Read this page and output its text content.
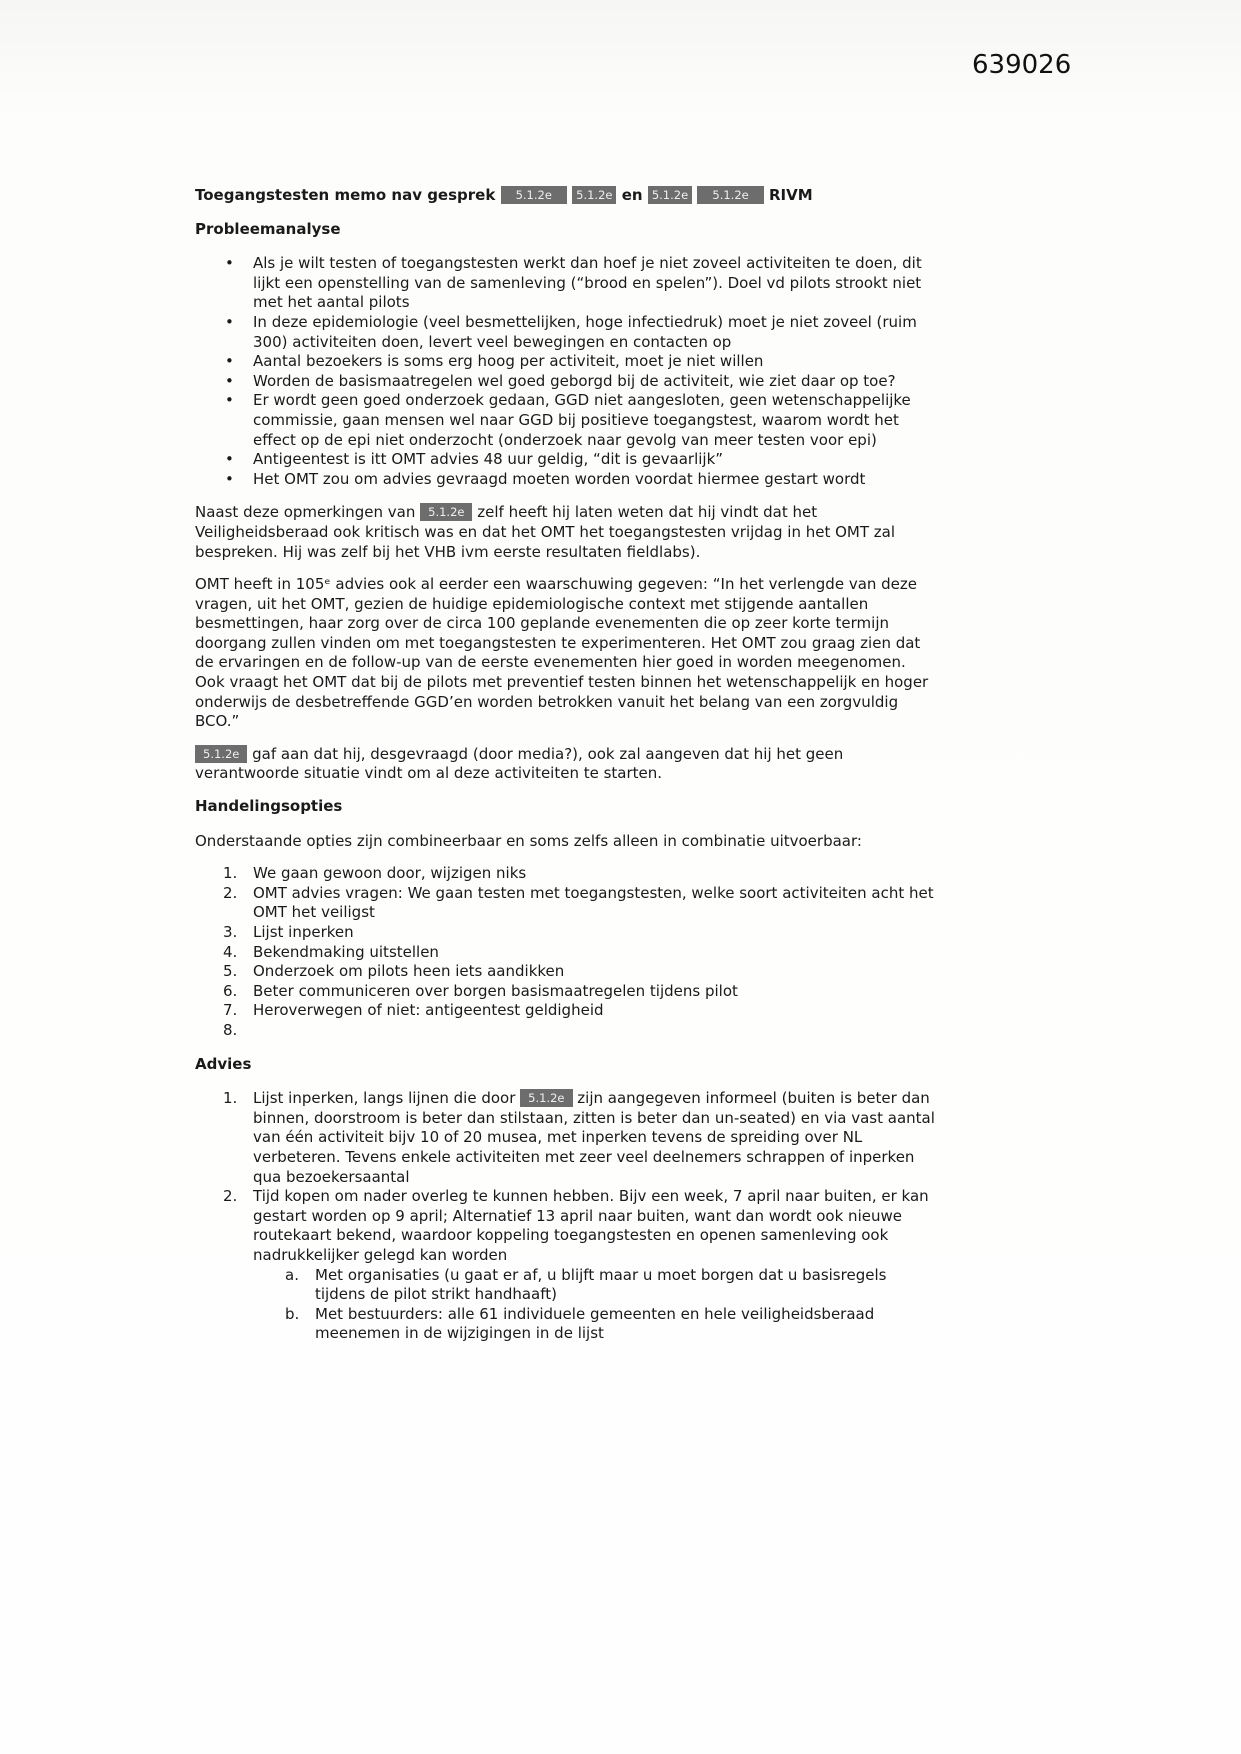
639026

Toegangstesten memo nav gesprek 5.1.2e 5.1.2e en 5.1.2e 5.1.2e RIVM

Probleemanalyse
• Als je wilt testen of toegangstesten werkt dan hoef je niet zoveel activiteiten te doen, dit lijkt een openstelling van de samenleving (“brood en spelen”). Doel vd pilots strookt niet met het aantal pilots
• In deze epidemiologie (veel besmettelijken, hoge infectiedruk) moet je niet zoveel (ruim 300) activiteiten doen, levert veel bewegingen en contacten op
• Aantal bezoekers is soms erg hoog per activiteit, moet je niet willen
• Worden de basismaatregelen wel goed geborgd bij de activiteit, wie ziet daar op toe?
• Er wordt geen goed onderzoek gedaan, GGD niet aangesloten, geen wetenschappelijke commissie, gaan mensen wel naar GGD bij positieve toegangstest, waarom wordt het effect op de epi niet onderzocht (onderzoek naar gevolg van meer testen voor epi)
• Antigeentest is itt OMT advies 48 uur geldig, “dit is gevaarlijk”
• Het OMT zou om advies gevraagd moeten worden voordat hiermee gestart wordt

Naast deze opmerkingen van 5.1.2e zelf heeft hij laten weten dat hij vindt dat het Veiligheidsberaad ook kritisch was en dat het OMT het toegangstesten vrijdag in het OMT zal bespreken. Hij was zelf bij het VHB ivm eerste resultaten fieldlabs).

OMT heeft in 105ᵉ advies ook al eerder een waarschuwing gegeven: “In het verlengde van deze vragen, uit het OMT, gezien de huidige epidemiologische context met stijgende aantallen besmettingen, haar zorg over de circa 100 geplande evenementen die op zeer korte termijn doorgang zullen vinden om met toegangstesten te experimenteren. Het OMT zou graag zien dat de ervaringen en de follow-up van de eerste evenementen hier goed in worden meegenomen. Ook vraagt het OMT dat bij de pilots met preventief testen binnen het wetenschappelijk en hoger onderwijs de desbetreffende GGD’en worden betrokken vanuit het belang van een zorgvuldig BCO.”

5.1.2e gaf aan dat hij, desgevraagd (door media?), ook zal aangeven dat hij het geen verantwoorde situatie vindt om al deze activiteiten te starten.

Handelingsopties

Onderstaande opties zijn combineerbaar en soms zelfs alleen in combinatie uitvoerbaar:

We gaan gewoon door, wijzigen niks
OMT advies vragen: We gaan testen met toegangstesten, welke soort activiteiten acht het OMT het veiligst
Lijst inperken
Bekendmaking uitstellen
Onderzoek om pilots heen iets aandikken
Beter communiceren over borgen basismaatregelen tijdens pilot
Heroverwegen of niet: antigeentest geldigheid
Advies
Lijst inperken, langs lijnen die door 5.1.2e zijn aangegeven informeel (buiten is beter dan binnen, doorstroom is beter dan stilstaan, zitten is beter dan un-seated) en via vast aantal van één activiteit bijv 10 of 20 musea, met inperken tevens de spreiding over NL verbeteren. Tevens enkele activiteiten met zeer veel deelnemers schrappen of inperken qua bezoekersaantal
Tijd kopen om nader overleg te kunnen hebben. Bijv een week, 7 april naar buiten, er kan gestart worden op 9 april; Alternatief 13 april naar buiten, want dan wordt ook nieuwe routekaart bekend, waardoor koppeling toegangstesten en openen samenleving ook nadrukkelijker gelegd kan worden
Met organisaties (u gaat er af, u blijft maar u moet borgen dat u basisregels tijdens de pilot strikt handhaaft)
Met bestuurders: alle 61 individuele gemeenten en hele veiligheidsberaad meenemen in de wijzigingen in de lijst
